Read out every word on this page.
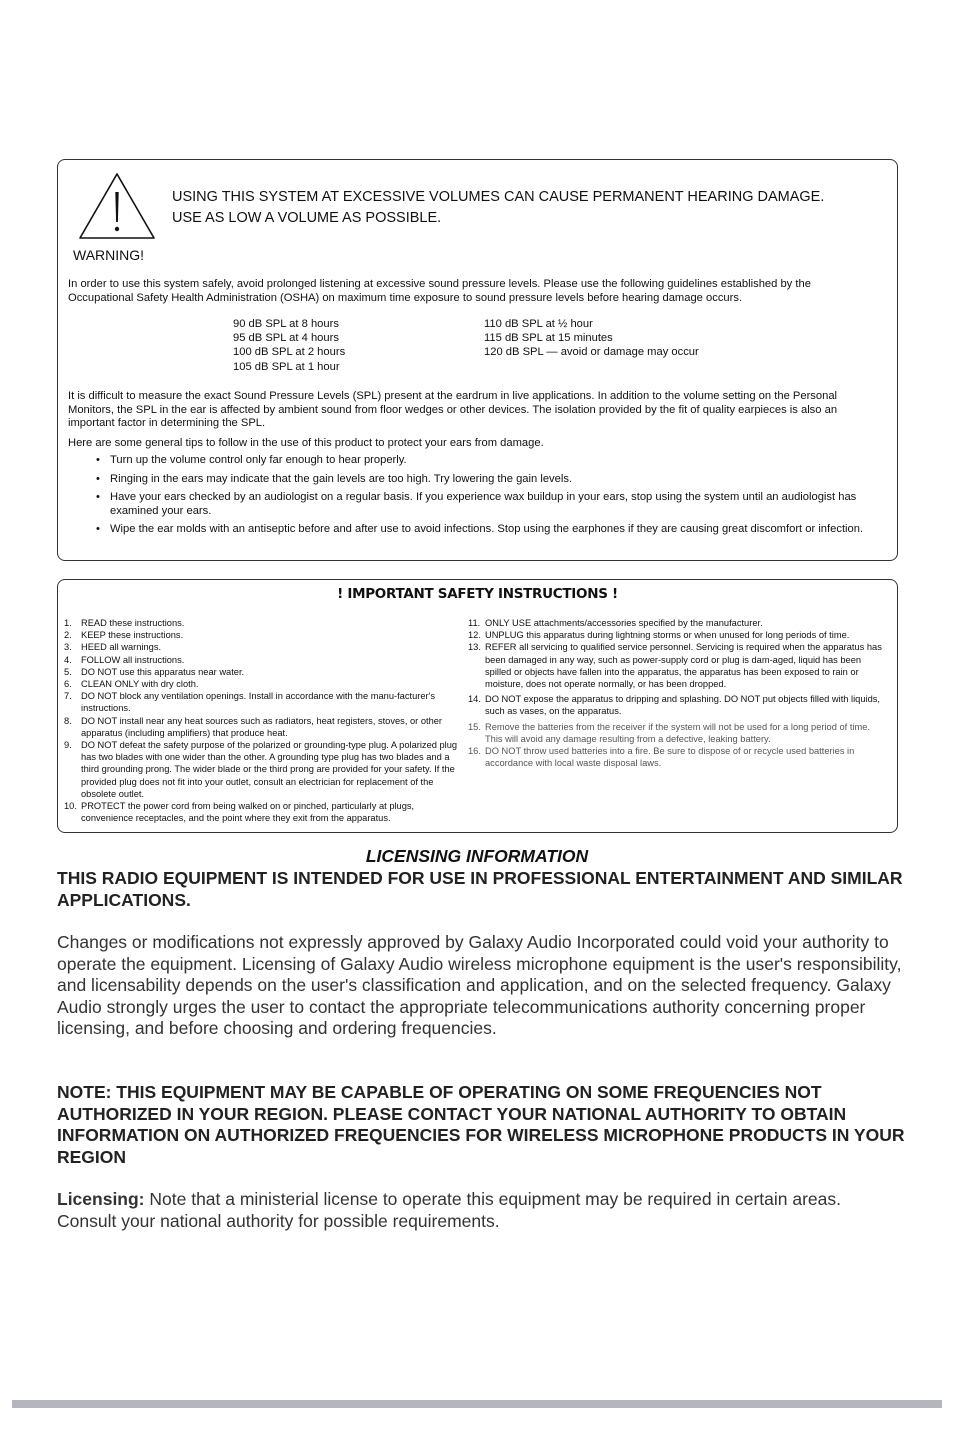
USING THIS SYSTEM AT EXCESSIVE VOLUMES CAN CAUSE PERMANENT HEARING DAMAGE.
USE AS LOW A VOLUME AS POSSIBLE.
WARNING!
In order to use this system safely, avoid prolonged listening at excessive sound pressure levels. Please use the following guidelines established by the Occupational Safety Health Administration (OSHA) on maximum time exposure to sound pressure levels before hearing damage occurs.
90 dB SPL at 8 hours
95 dB SPL at 4 hours
100 dB SPL at 2 hours
105 dB SPL at 1 hour
110 dB SPL at ½ hour
115 dB SPL at 15 minutes
120 dB SPL — avoid or damage may occur
It is difficult to measure the exact Sound Pressure Levels (SPL) present at the eardrum in live applications. In addition to the volume setting on the Personal Monitors, the SPL in the ear is affected by ambient sound from floor wedges or other devices. The isolation provided by the fit of quality earpieces is also an important factor in determining the SPL.
Here are some general tips to follow in the use of this product to protect your ears from damage.
• Turn up the volume control only far enough to hear properly.
• Ringing in the ears may indicate that the gain levels are too high. Try lowering the gain levels.
• Have your ears checked by an audiologist on a regular basis. If you experience wax buildup in your ears, stop using the system until an audiologist has examined your ears.
• Wipe the ear molds with an antiseptic before and after use to avoid infections. Stop using the earphones if they are causing great discomfort or infection.
! IMPORTANT SAFETY INSTRUCTIONS !
1. READ these instructions.
2. KEEP these instructions.
3. HEED all warnings.
4. FOLLOW all instructions.
5. DO NOT use this apparatus near water.
6. CLEAN ONLY with dry cloth.
7. DO NOT block any ventilation openings. Install in accordance with the manu-facturer's instructions.
8. DO NOT install near any heat sources such as radiators, heat registers, stoves, or other apparatus (including amplifiers) that produce heat.
9. DO NOT defeat the safety purpose of the polarized or grounding-type plug. A polarized plug has two blades with one wider than the other. A grounding type plug has two blades and a third grounding prong. The wider blade or the third prong are provided for your safety. If the provided plug does not fit into your outlet, consult an electrician for replacement of the obsolete outlet.
10. PROTECT the power cord from being walked on or pinched, particularly at plugs, convenience receptacles, and the point where they exit from the apparatus.
11. ONLY USE attachments/accessories specified by the manufacturer.
12. UNPLUG this apparatus during lightning storms or when unused for long periods of time.
13. REFER all servicing to qualified service personnel. Servicing is required when the apparatus has been damaged in any way, such as power-supply cord or plug is dam-aged, liquid has been spilled or objects have fallen into the apparatus, the apparatus has been exposed to rain or moisture, does not operate normally, or has been dropped.
14. DO NOT expose the apparatus to dripping and splashing. DO NOT put objects filled with liquids, such as vases, on the apparatus.
15. Remove the batteries from the receiver if the system will not be used for a long period of time. This will avoid any damage resulting from a defective, leaking battery.
16. DO NOT throw used batteries into a fire. Be sure to dispose of or recycle used batteries in accordance with local waste disposal laws.
LICENSING INFORMATION
THIS RADIO EQUIPMENT IS INTENDED FOR USE IN PROFESSIONAL ENTERTAINMENT AND SIMILAR APPLICATIONS.
Changes or modifications not expressly approved by Galaxy Audio Incorporated could void your authority to operate the equipment. Licensing of Galaxy Audio wireless microphone equipment is the user's responsibility, and licensability depends on the user's classification and application, and on the selected frequency. Galaxy Audio strongly urges the user to contact the appropriate telecommunications authority concerning proper licensing, and before choosing and ordering frequencies.
NOTE: THIS EQUIPMENT MAY BE CAPABLE OF OPERATING ON SOME FREQUENCIES NOT AUTHORIZED IN YOUR REGION. PLEASE CONTACT YOUR NATIONAL AUTHORITY TO OBTAIN INFORMATION ON AUTHORIZED FREQUENCIES FOR WIRELESS MICROPHONE PRODUCTS IN YOUR REGION
Licensing: Note that a ministerial license to operate this equipment may be required in certain areas. Consult your national authority for possible requirements.
